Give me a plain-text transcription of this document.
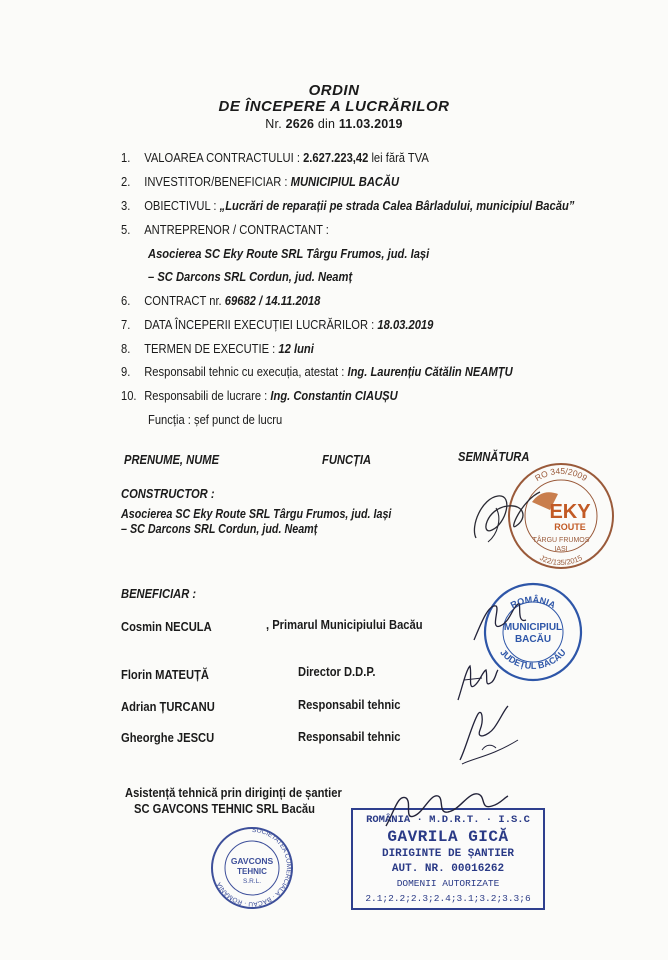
ORDIN
DE ÎNCEPERE A LUCRĂRILOR
Nr. 2626 din 11.03.2019
1. VALOAREA CONTRACTULUI : 2.627.223,42 lei fără TVA
2. INVESTITOR/BENEFICIAR : MUNICIPIUL BACĂU
3. OBIECTIVUL : „Lucrări de reparații pe strada Calea Bârladului, municipiul Bacău”
5. ANTREPRENOR / CONTRACTANT :
Asocierea SC Eky Route SRL Târgu Frumos, jud. Iași
– SC Darcons SRL Cordun, jud. Neamț
6. CONTRACT nr. 69682 / 14.11.2018
7. DATA ÎNCEPERII EXECUȚIEI LUCRĂRILOR : 18.03.2019
8. TERMEN DE EXECUTIE : 12 luni
9. Responsabil tehnic cu execuția, atestat : Ing. Laurențiu Cătălin NEAMȚU
10. Responsabili de lucrare : Ing. Constantin CIAUȘU
Funcția : șef punct de lucru
PRENUME, NUME	FUNCȚIA	SEMNĂTURA
CONSTRUCTOR :
Asocierea SC Eky Route SRL Târgu Frumos, jud. Iași
– SC Darcons SRL Cordun, jud. Neamț
BENEFICIAR :
Cosmin NECULA	, Primarul Municipiului Bacău
Florin MATEUȚĂ	Director D.D.P.
Adrian ȚURCANU	Responsabil tehnic
Gheorghe JESCU	Responsabil tehnic
Asistență tehnică prin diriginți de șantier
SC GAVCONS TEHNIC SRL Bacău
RO 345/2009
J22/135/2015
EKY
ROUTE
TÂRGU FRUMOS
IAȘI
ROMÂNIA
JUDEȚUL BACĂU
MUNICIPIUL
BACĂU
SOCIETATEA COMERCIALĂ · BACĂU · ROMÂNIA
GAVCONS
TEHNIC
S.R.L.
ROMÂNIA · M.D.R.T. · I.S.C
GAVRILA GICĂ
DIRIGINTE DE ȘANTIER
AUT. NR. 00016262
DOMENII AUTORIZATE
2.1;2.2;2.3;2.4;3.1;3.2;3.3;6
